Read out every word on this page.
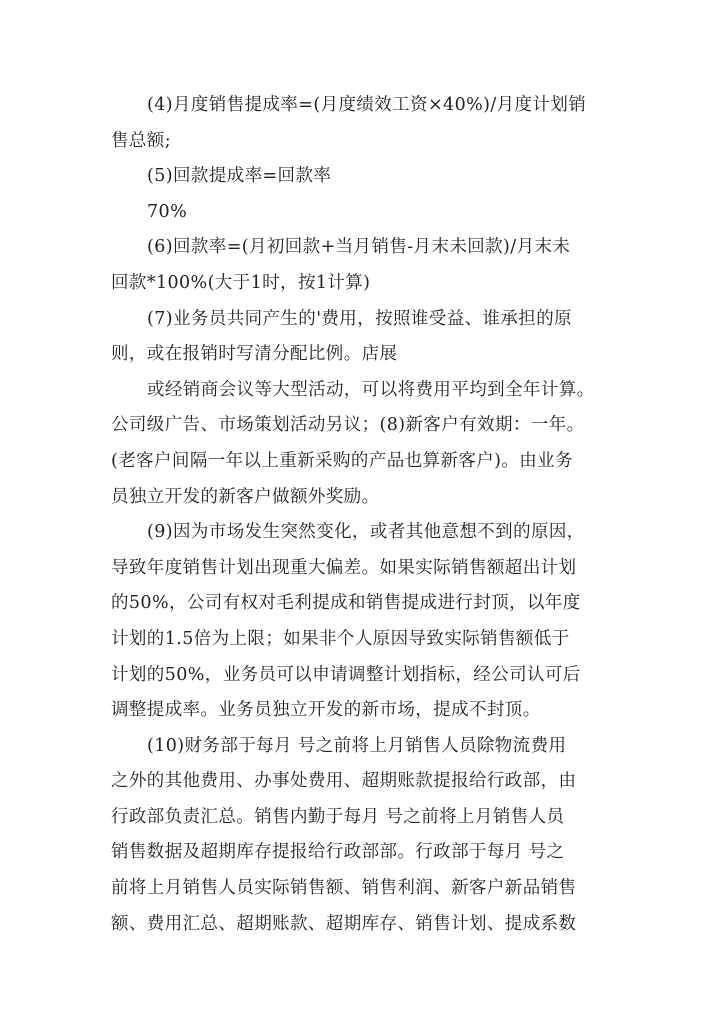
(4)月度销售提成率=(月度绩效工资×40%)/月度计划销
售总额;
(5)回款提成率=回款率
70%
(6)回款率=(月初回款+当月销售-月末未回款)/月末未
回款*100%(大于1时，按1计算)
(7)业务员共同产生的'费用，按照谁受益、谁承担的原
则，或在报销时写清分配比例。店展
或经销商会议等大型活动，可以将费用平均到全年计算。
公司级广告、市场策划活动另议；(8)新客户有效期：一年。
(老客户间隔一年以上重新采购的产品也算新客户)。由业务
员独立开发的新客户做额外奖励。
(9)因为市场发生突然变化，或者其他意想不到的原因，
导致年度销售计划出现重大偏差。如果实际销售额超出计划
的50%，公司有权对毛利提成和销售提成进行封顶，以年度
计划的1.5倍为上限；如果非个人原因导致实际销售额低于
计划的50%，业务员可以申请调整计划指标，经公司认可后
调整提成率。业务员独立开发的新市场，提成不封顶。
(10)财务部于每月 号之前将上月销售人员除物流费用
之外的其他费用、办事处费用、超期账款提报给行政部，由
行政部负责汇总。销售内勤于每月 号之前将上月销售人员
销售数据及超期库存提报给行政部部。行政部于每月 号之
前将上月销售人员实际销售额、销售利润、新客户新品销售
额、费用汇总、超期账款、超期库存、销售计划、提成系数
